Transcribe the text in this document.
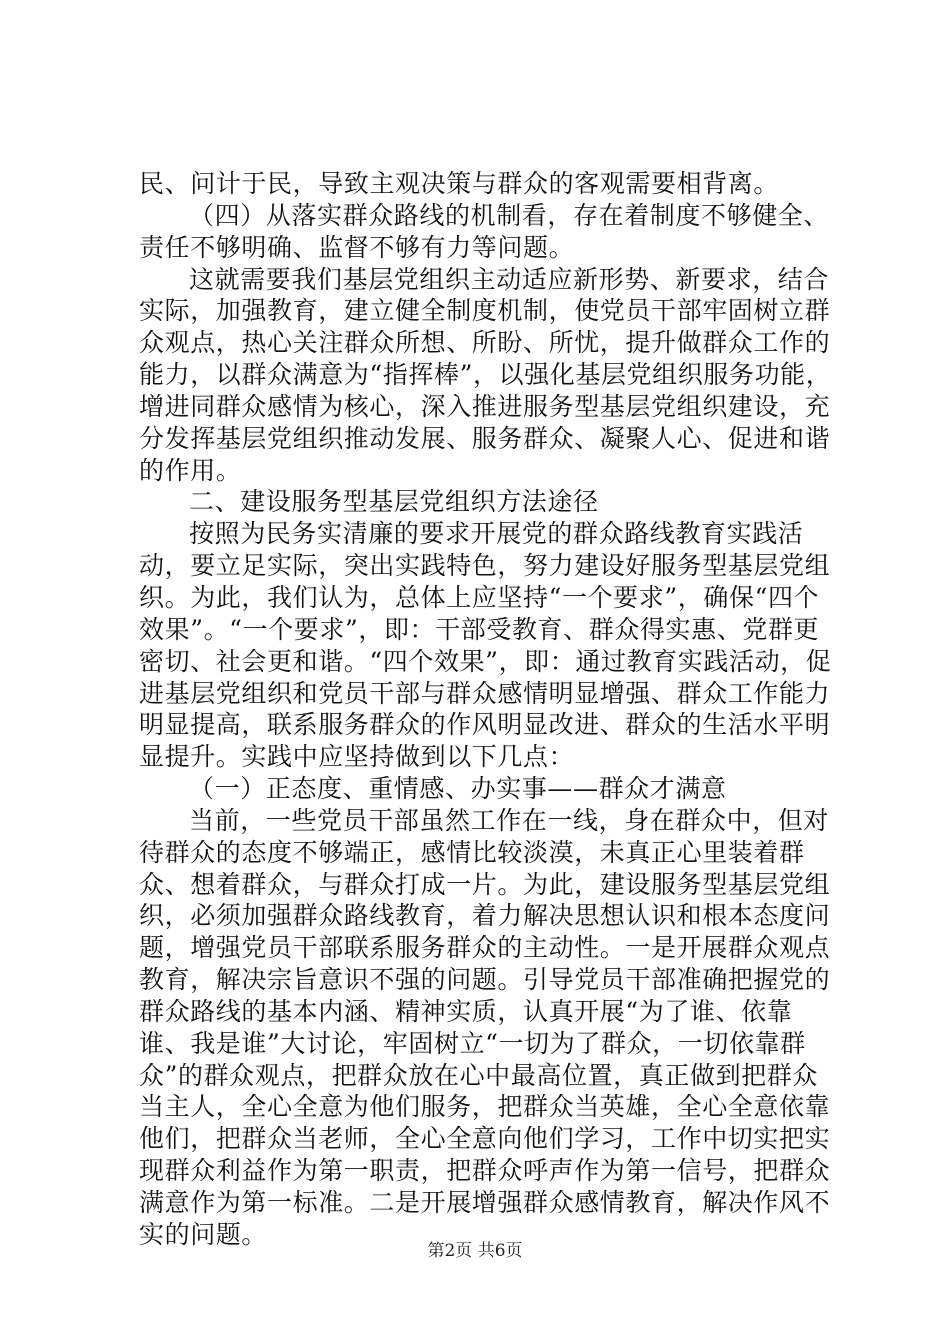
民、问计于民，导致主观决策与群众的客观需要相背离。

（四）从落实群众路线的机制看，存在着制度不够健全、责任不够明确、监督不够有力等问题。

这就需要我们基层党组织主动适应新形势、新要求，结合实际，加强教育，建立健全制度机制，使党员干部牢固树立群众观点，热心关注群众所想、所盼、所忧，提升做群众工作的能力，以群众满意为“指挥棒”，以强化基层党组织服务功能，增进同群众感情为核心，深入推进服务型基层党组织建设，充分发挥基层党组织推动发展、服务群众、凝聚人心、促进和谐的作用。

二、建设服务型基层党组织方法途径

按照为民务实清廉的要求开展党的群众路线教育实践活动，要立足实际，突出实践特色，努力建设好服务型基层党组织。为此，我们认为，总体上应坚持“一个要求”，确保“四个效果”。“一个要求”，即：干部受教育、群众得实惠、党群更密切、社会更和谐。“四个效果”，即：通过教育实践活动，促进基层党组织和党员干部与群众感情明显增强、群众工作能力明显提高，联系服务群众的作风明显改进、群众的生活水平明显提升。实践中应坚持做到以下几点：

（一）正态度、重情感、办实事——群众才满意

当前，一些党员干部虽然工作在一线，身在群众中，但对待群众的态度不够端正，感情比较淡漠，未真正心里装着群众、想着群众，与群众打成一片。为此，建设服务型基层党组织，必须加强群众路线教育，着力解决思想认识和根本态度问题，增强党员干部联系服务群众的主动性。一是开展群众观点教育，解决宗旨意识不强的问题。引导党员干部准确把握党的群众路线的基本内涵、精神实质，认真开展“为了谁、依靠谁、我是谁”大讨论，牢固树立“一切为了群众，一切依靠群众”的群众观点，把群众放在心中最高位置，真正做到把群众当主人，全心全意为他们服务，把群众当英雄，全心全意依靠他们，把群众当老师，全心全意向他们学习，工作中切实把实现群众利益作为第一职责，把群众呼声作为第一信号，把群众满意作为第一标准。二是开展增强群众感情教育，解决作风不实的问题。

第2页 共6页
